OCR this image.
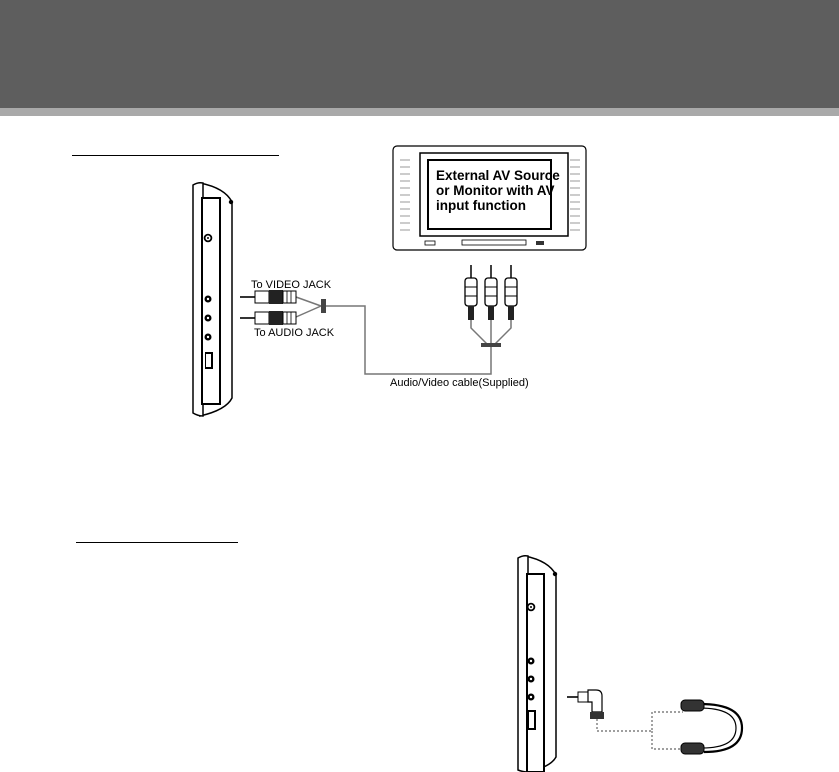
External AV Source
or Monitor with AV
input function
To VIDEO JACK
To AUDIO JACK
Audio/Video cable(Supplied)
